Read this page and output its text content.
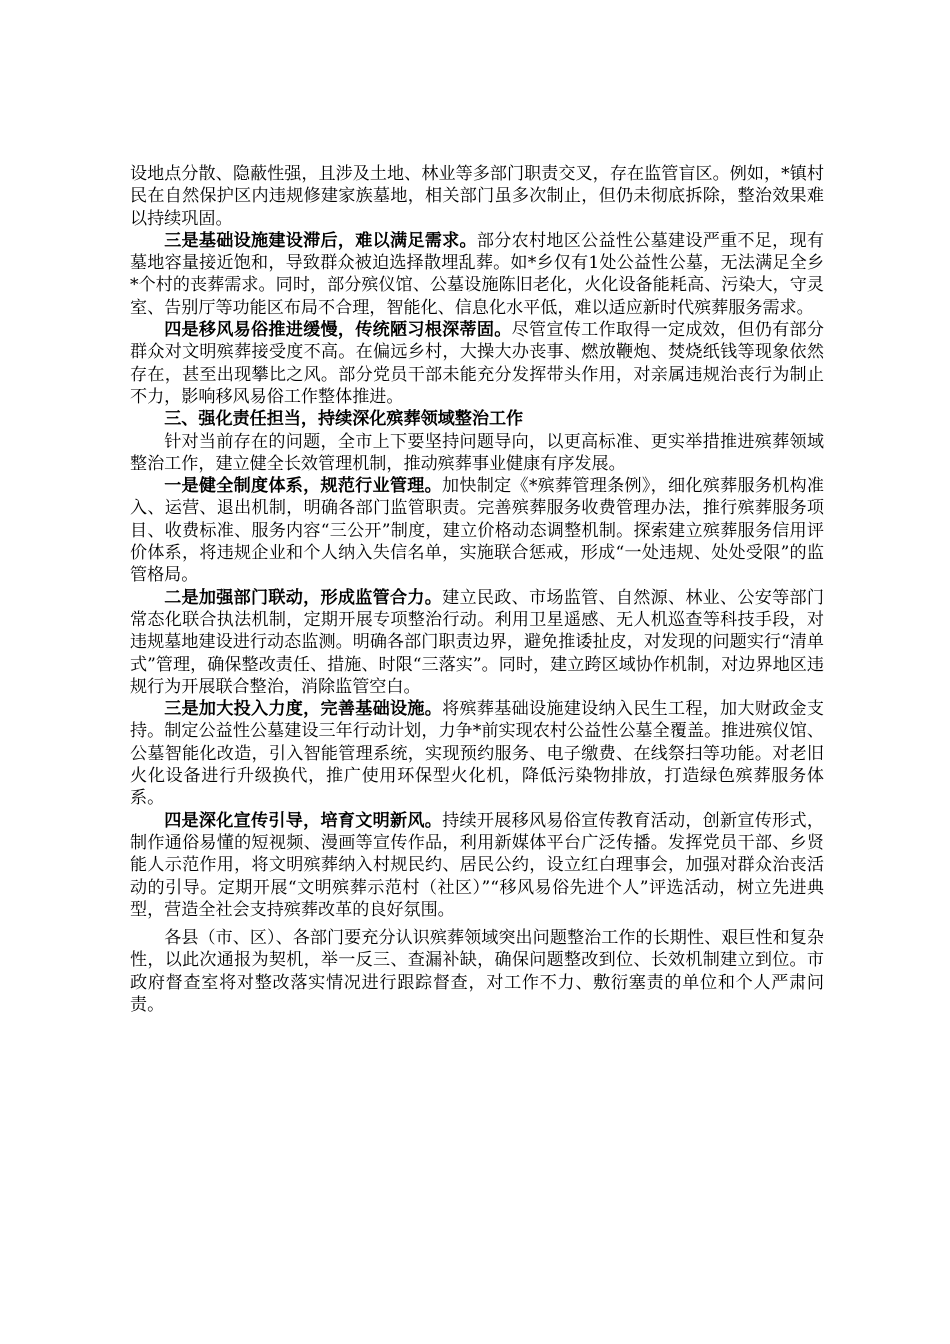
设地点分散、隐蔽性强，且涉及土地、林业等多部门职责交叉，存在监管盲区。例如，*镇村民在自然保护区内违规修建家族墓地，相关部门虽多次制止，但仍未彻底拆除，整治效果难以持续巩固。

三是基础设施建设滞后，难以满足需求。部分农村地区公益性公墓建设严重不足，现有墓地容量接近饱和，导致群众被迫选择散埋乱葬。如*乡仅有1处公益性公墓，无法满足全乡*个村的丧葬需求。同时，部分殡仪馆、公墓设施陈旧老化，火化设备能耗高、污染大，守灵室、告别厅等功能区布局不合理，智能化、信息化水平低，难以适应新时代殡葬服务需求。

四是移风易俗推进缓慢，传统陋习根深蒂固。尽管宣传工作取得一定成效，但仍有部分群众对文明殡葬接受度不高。在偏远乡村，大操大办丧事、燃放鞭炮、焚烧纸钱等现象依然存在，甚至出现攀比之风。部分党员干部未能充分发挥带头作用，对亲属违规治丧行为制止不力，影响移风易俗工作整体推进。

三、强化责任担当，持续深化殡葬领域整治工作

针对当前存在的问题，全市上下要坚持问题导向，以更高标准、更实举措推进殡葬领域整治工作，建立健全长效管理机制，推动殡葬事业健康有序发展。

一是健全制度体系，规范行业管理。加快制定《*殡葬管理条例》，细化殡葬服务机构准入、运营、退出机制，明确各部门监管职责。完善殡葬服务收费管理办法，推行殡葬服务项目、收费标准、服务内容“三公开”制度，建立价格动态调整机制。探索建立殡葬服务信用评价体系，将违规企业和个人纳入失信名单，实施联合惩戒，形成“一处违规、处处受限”的监管格局。

二是加强部门联动，形成监管合力。建立民政、市场监管、自然源、林业、公安等部门常态化联合执法机制，定期开展专项整治行动。利用卫星遥感、无人机巡查等科技手段，对违规墓地建设进行动态监测。明确各部门职责边界，避免推诿扯皮，对发现的问题实行“清单式”管理，确保整改责任、措施、时限“三落实”。同时，建立跨区域协作机制，对边界地区违规行为开展联合整治，消除监管空白。

三是加大投入力度，完善基础设施。将殡葬基础设施建设纳入民生工程，加大财政金支持。制定公益性公墓建设三年行动计划，力争*前实现农村公益性公墓全覆盖。推进殡仪馆、公墓智能化改造，引入智能管理系统，实现预约服务、电子缴费、在线祭扫等功能。对老旧火化设备进行升级换代，推广使用环保型火化机，降低污染物排放，打造绿色殡葬服务体系。

四是深化宣传引导，培育文明新风。持续开展移风易俗宣传教育活动，创新宣传形式，制作通俗易懂的短视频、漫画等宣传作品，利用新媒体平台广泛传播。发挥党员干部、乡贤能人示范作用，将文明殡葬纳入村规民约、居民公约，设立红白理事会，加强对群众治丧活动的引导。定期开展“文明殡葬示范村（社区）”“移风易俗先进个人”评选活动，树立先进典型，营造全社会支持殡葬改革的良好氛围。

各县（市、区）、各部门要充分认识殡葬领域突出问题整治工作的长期性、艰巨性和复杂性，以此次通报为契机，举一反三、查漏补缺，确保问题整改到位、长效机制建立到位。市政府督查室将对整改落实情况进行跟踪督查，对工作不力、敷衍塞责的单位和个人严肃问责。
